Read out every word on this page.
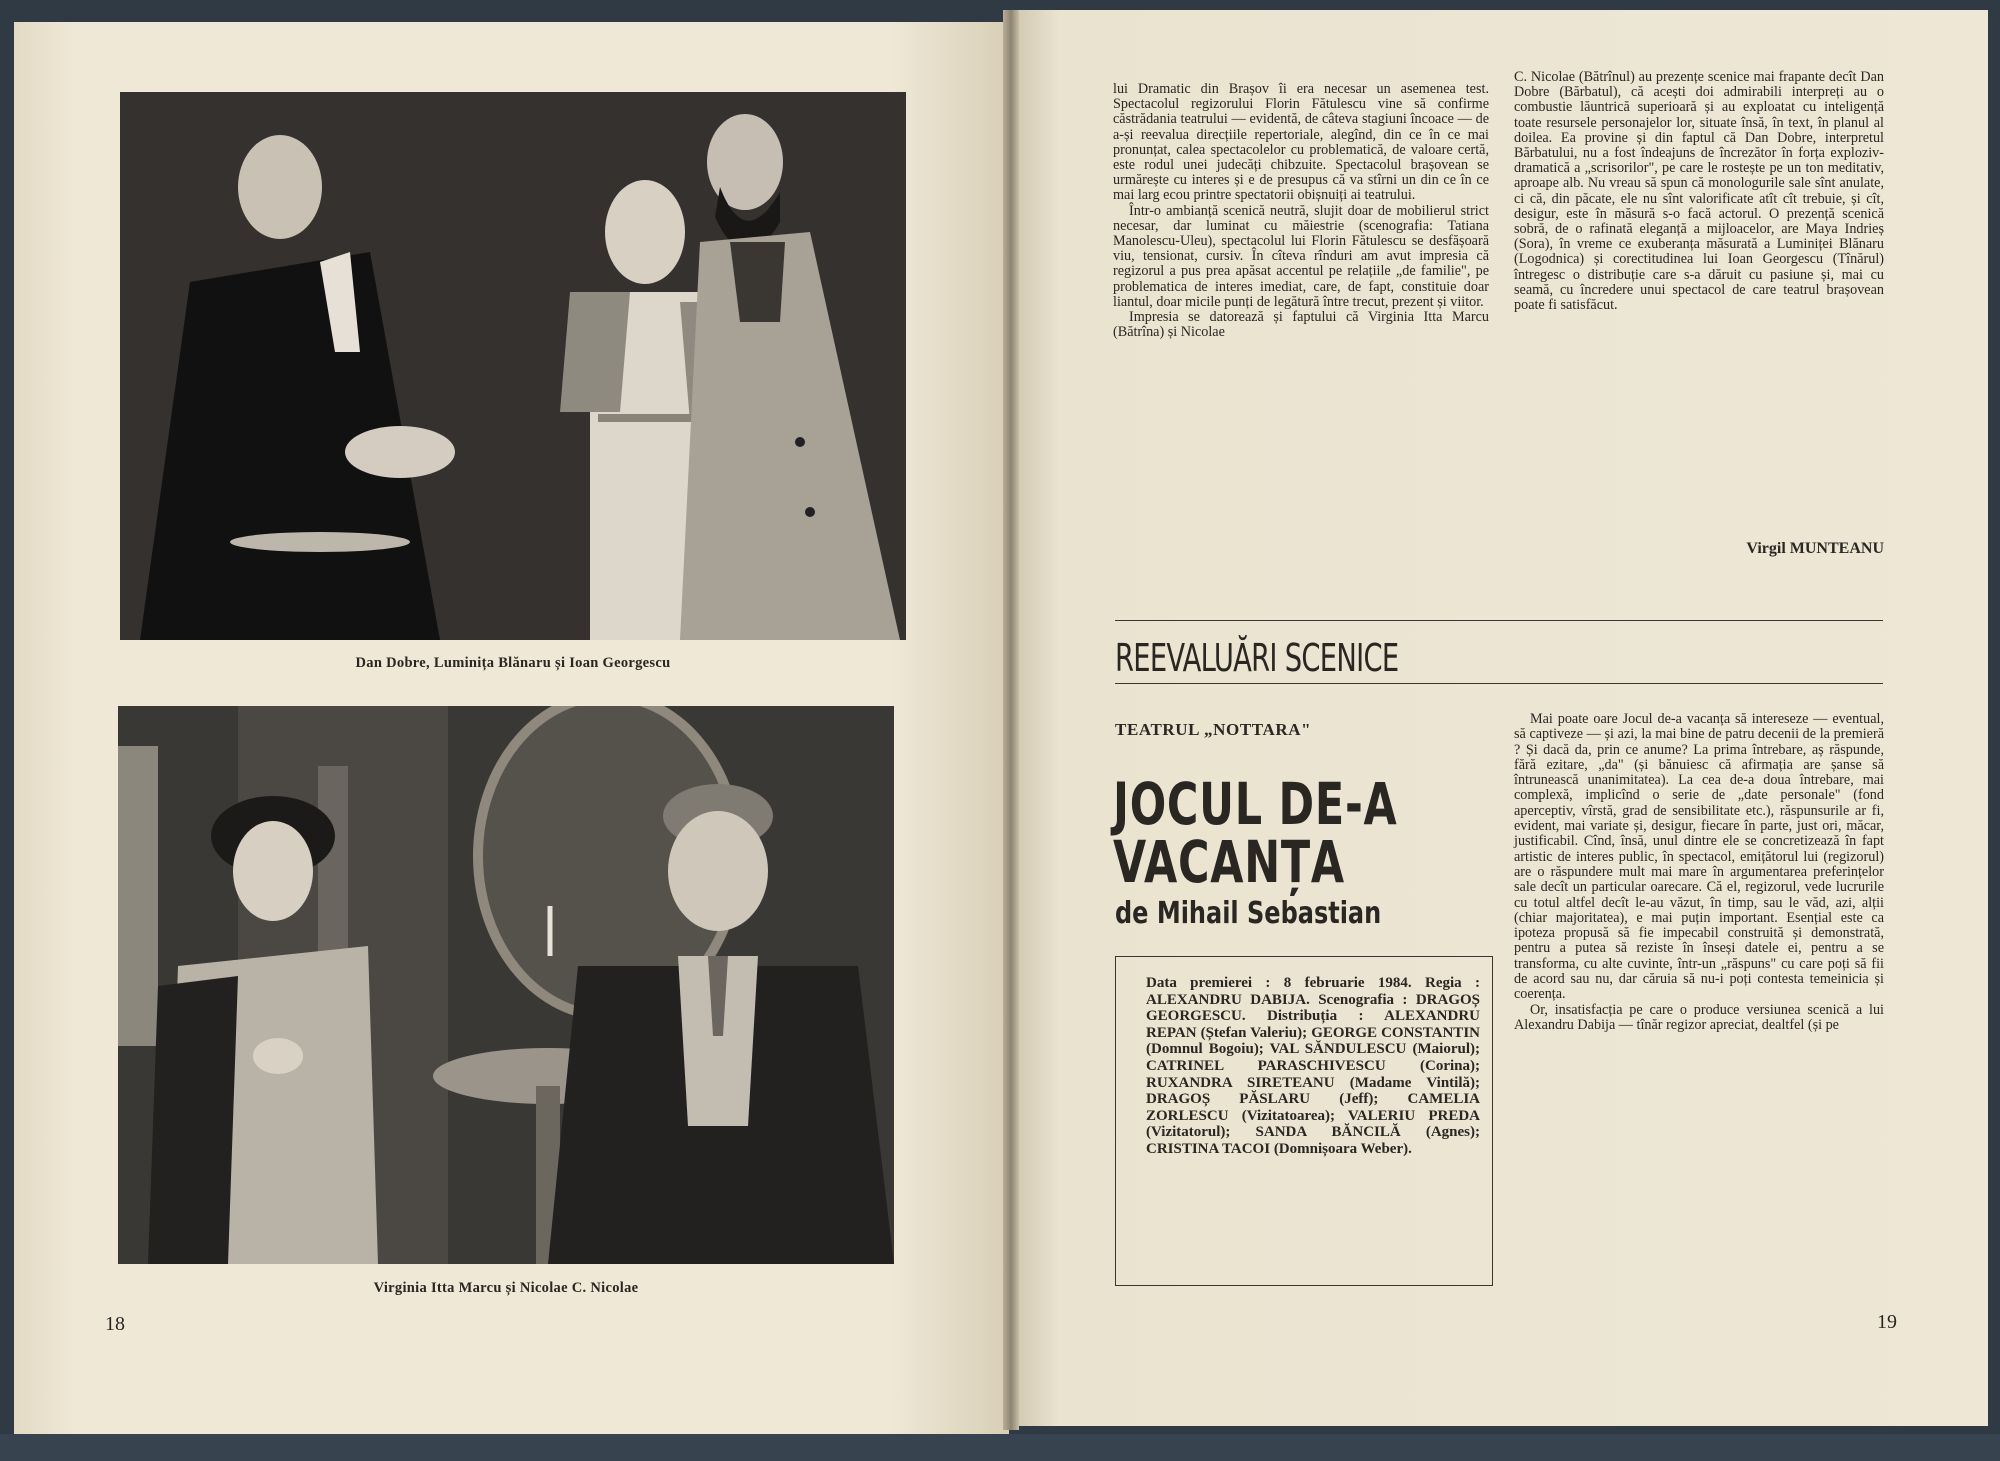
Dan Dobre, Luminița Blănaru și Ioan Georgescu
Virginia Itta Marcu și Nicolae C. Nicolae
18

lui Dramatic din Brașov îi era necesar un asemenea test. Spectacolul regizorului Florin Fătulescu vine să confirme căstrădania teatrului — evidentă, de câteva stagiuni încoace — de a-și reevalua direcțiile repertoriale, alegînd, din ce în ce mai pronunțat, calea spectacolelor cu problematică, de valoare certă, este rodul unei judecăți chibzuite. Spectacolul brașovean se urmărește cu interes și e de presupus că va stîrni un din ce în ce mai larg ecou printre spectatorii obișnuiți ai teatrului.

Într-o ambianță scenică neutră, slujit doar de mobilierul strict necesar, dar luminat cu măiestrie (scenografia: Tatiana Manolescu-Uleu), spectacolul lui Florin Fătulescu se desfășoară viu, tensionat, cursiv. În cîteva rînduri am avut impresia că regizorul a pus prea apăsat accentul pe relațiile „de familie", pe problematica de interes imediat, care, de fapt, constituie doar liantul, doar micile punți de legătură între trecut, prezent și viitor.

Impresia se datorează și faptului că Virginia Itta Marcu (Bătrîna) și Nicolae

C. Nicolae (Bătrînul) au prezențe scenice mai frapante decît Dan Dobre (Bărbatul), că acești doi admirabili interpreți au o combustie lăuntrică superioară și au exploatat cu inteligență toate resursele personajelor lor, situate însă, în text, în planul al doilea. Ea provine și din faptul că Dan Dobre, interpretul Bărbatului, nu a fost îndeajuns de încrezător în forța exploziv-dramatică a „scrisorilor", pe care le rostește pe un ton meditativ, aproape alb. Nu vreau să spun că monologurile sale sînt anulate, ci că, din păcate, ele nu sînt valorificate atît cît trebuie, și cît, desigur, este în măsură s-o facă actorul. O prezență scenică sobră, de o rafinată eleganță a mijloacelor, are Maya Indrieș (Sora), în vreme ce exuberanța măsurată a Luminiței Blănaru (Logodnica) și corectitudinea lui Ioan Georgescu (Tînărul) întregesc o distribuție care s-a dăruit cu pasiune și, mai cu seamă, cu încredere unui spectacol de care teatrul brașovean poate fi satisfăcut.

Virgil MUNTEANU
REEVALUĂRI SCENICE
TEATRUL „NOTTARA"
JOCUL DE-A
VACANȚA
de Mihail Sebastian
Data premierei : 8 februarie 1984. Regia : ALEXANDRU DABIJA. Scenografia : DRAGOȘ GEORGESCU. Distribuția : ALEXANDRU REPAN (Ștefan Valeriu); GEORGE CONSTANTIN (Domnul Bogoiu); VAL SĂNDULESCU (Maiorul); CATRINEL PARASCHIVESCU (Corina); RUXANDRA SIRETEANU (Madame Vintilă); DRAGOȘ PĂSLARU (Jeff); CAMELIA ZORLESCU (Vizitatoarea); VALERIU PREDA (Vizitatorul); SANDA BĂNCILĂ (Agnes); CRISTINA TACOI (Domnișoara Weber).

Mai poate oare Jocul de-a vacanța să intereseze — eventual, să captiveze — și azi, la mai bine de patru decenii de la premieră ? Și dacă da, prin ce anume? La prima întrebare, aș răspunde, fără ezitare, „da" (și bănuiesc că afirmația are șanse să întrunească unanimitatea). La cea de-a doua întrebare, mai complexă, implicînd o serie de „date personale" (fond aperceptiv, vîrstă, grad de sensibilitate etc.), răspunsurile ar fi, evident, mai variate și, desigur, fiecare în parte, just ori, măcar, justificabil. Cînd, însă, unul dintre ele se concretizează în fapt artistic de interes public, în spectacol, emițătorul lui (regizorul) are o răspundere mult mai mare în argumentarea preferințelor sale decît un particular oarecare. Că el, regizorul, vede lucrurile cu totul altfel decît le-au văzut, în timp, sau le văd, azi, alții (chiar majoritatea), e mai puțin important. Esențial este ca ipoteza propusă să fie impecabil construită și demonstrată, pentru a putea să reziste în înseși datele ei, pentru a se transforma, cu alte cuvinte, într-un „răspuns" cu care poți să fii de acord sau nu, dar căruia să nu-i poți contesta temeinicia și coerența.

Or, insatisfacția pe care o produce versiunea scenică a lui Alexandru Dabija — tînăr regizor apreciat, dealtfel (și pe

19
